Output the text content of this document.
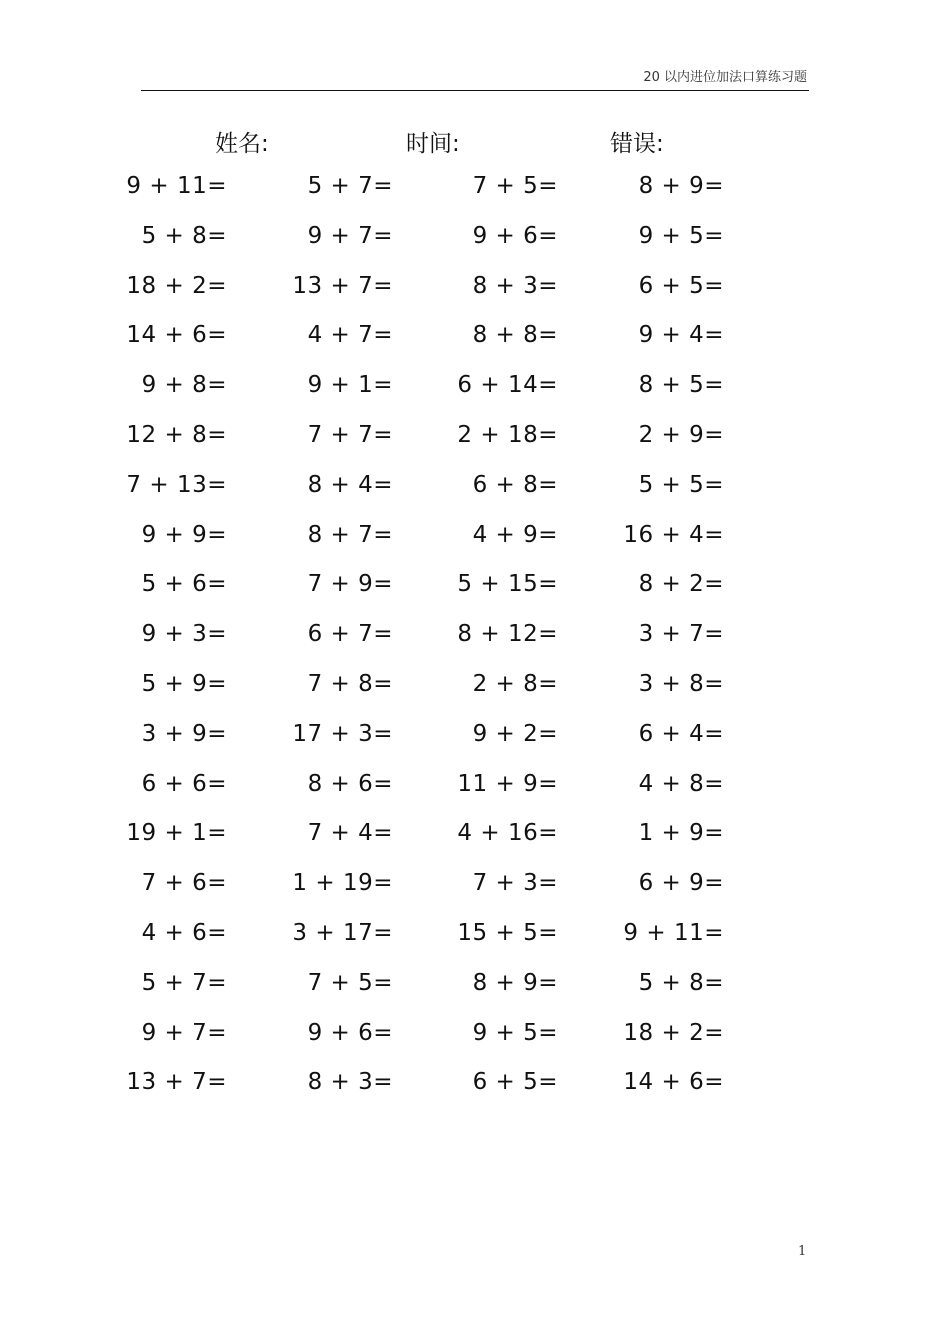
20 以内进位加法口算练习题
姓名:	时间:	错误:
9 + 11=	5 + 7=	7 + 5=	8 + 9=
5 + 8=	9 + 7=	9 + 6=	9 + 5=
18 + 2=	13 + 7=	8 + 3=	6 + 5=
14 + 6=	4 + 7=	8 + 8=	9 + 4=
9 + 8=	9 + 1=	6 + 14=	8 + 5=
12 + 8=	7 + 7=	2 + 18=	2 + 9=
7 + 13=	8 + 4=	6 + 8=	5 + 5=
9 + 9=	8 + 7=	4 + 9=	16 + 4=
5 + 6=	7 + 9=	5 + 15=	8 + 2=
9 + 3=	6 + 7=	8 + 12=	3 + 7=
5 + 9=	7 + 8=	2 + 8=	3 + 8=
3 + 9=	17 + 3=	9 + 2=	6 + 4=
6 + 6=	8 + 6=	11 + 9=	4 + 8=
19 + 1=	7 + 4=	4 + 16=	1 + 9=
7 + 6=	1 + 19=	7 + 3=	6 + 9=
4 + 6=	3 + 17=	15 + 5=	9 + 11=
5 + 7=	7 + 5=	8 + 9=	5 + 8=
9 + 7=	9 + 6=	9 + 5=	18 + 2=
13 + 7=	8 + 3=	6 + 5=	14 + 6=
1
